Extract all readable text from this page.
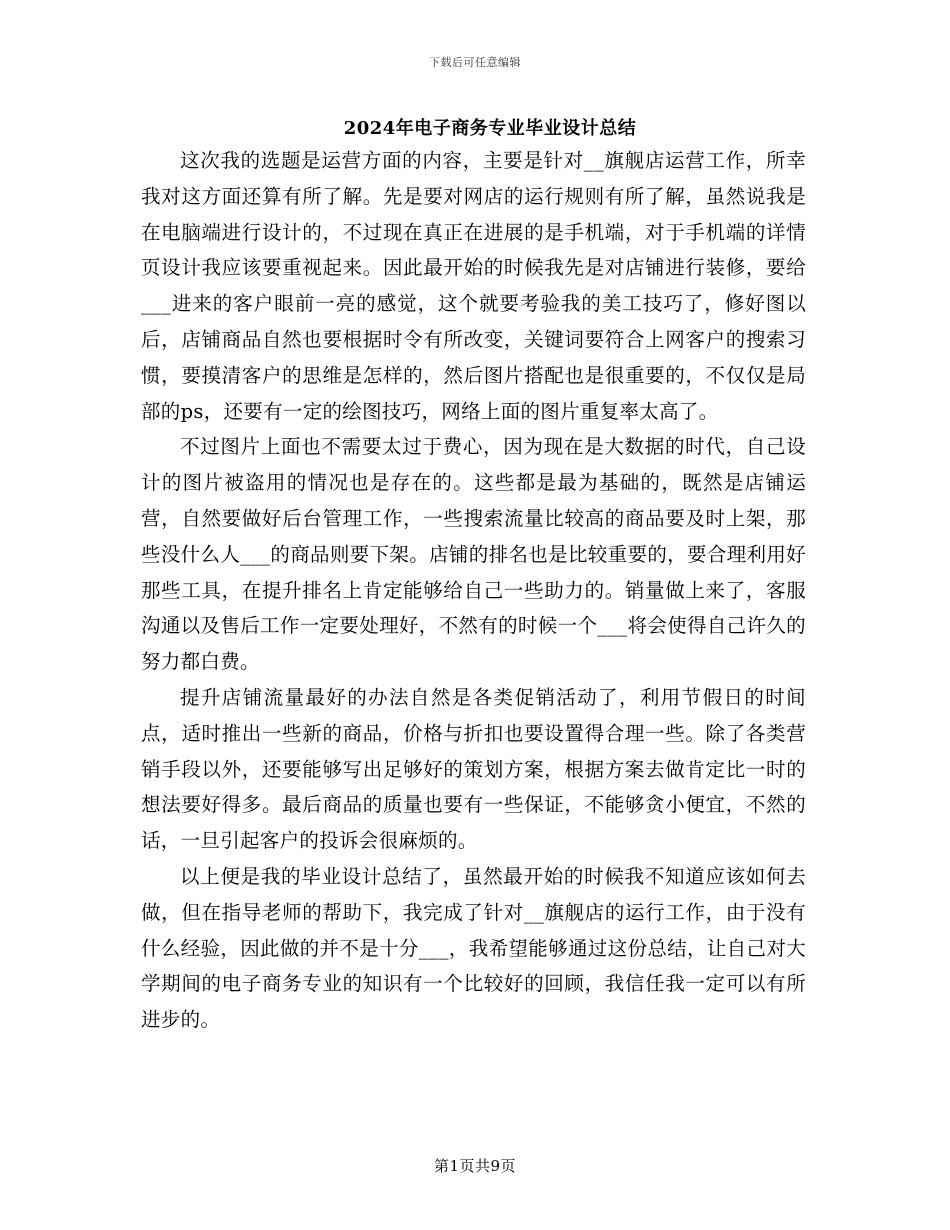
下载后可任意编辑
2024年电子商务专业毕业设计总结

这次我的选题是运营方面的内容，主要是针对__旗舰店运营工作，所幸我对这方面还算有所了解。先是要对网店的运行规则有所了解，虽然说我是在电脑端进行设计的，不过现在真正在进展的是手机端，对于手机端的详情页设计我应该要重视起来。因此最开始的时候我先是对店铺进行装修，要给___进来的客户眼前一亮的感觉，这个就要考验我的美工技巧了，修好图以后，店铺商品自然也要根据时令有所改变，关键词要符合上网客户的搜索习惯，要摸清客户的思维是怎样的，然后图片搭配也是很重要的，不仅仅是局部的ps，还要有一定的绘图技巧，网络上面的图片重复率太高了。

不过图片上面也不需要太过于费心，因为现在是大数据的时代，自己设计的图片被盗用的情况也是存在的。这些都是最为基础的，既然是店铺运营，自然要做好后台管理工作，一些搜索流量比较高的商品要及时上架，那些没什么人___的商品则要下架。店铺的排名也是比较重要的，要合理利用好那些工具，在提升排名上肯定能够给自己一些助力的。销量做上来了，客服沟通以及售后工作一定要处理好，不然有的时候一个___将会使得自己许久的努力都白费。

提升店铺流量最好的办法自然是各类促销活动了，利用节假日的时间点，适时推出一些新的商品，价格与折扣也要设置得合理一些。除了各类营销手段以外，还要能够写出足够好的策划方案，根据方案去做肯定比一时的想法要好得多。最后商品的质量也要有一些保证，不能够贪小便宜，不然的话，一旦引起客户的投诉会很麻烦的。

以上便是我的毕业设计总结了，虽然最开始的时候我不知道应该如何去做，但在指导老师的帮助下，我完成了针对__旗舰店的运行工作，由于没有什么经验，因此做的并不是十分___，我希望能够通过这份总结，让自己对大学期间的电子商务专业的知识有一个比较好的回顾，我信任我一定可以有所进步的。

第1页共9页
